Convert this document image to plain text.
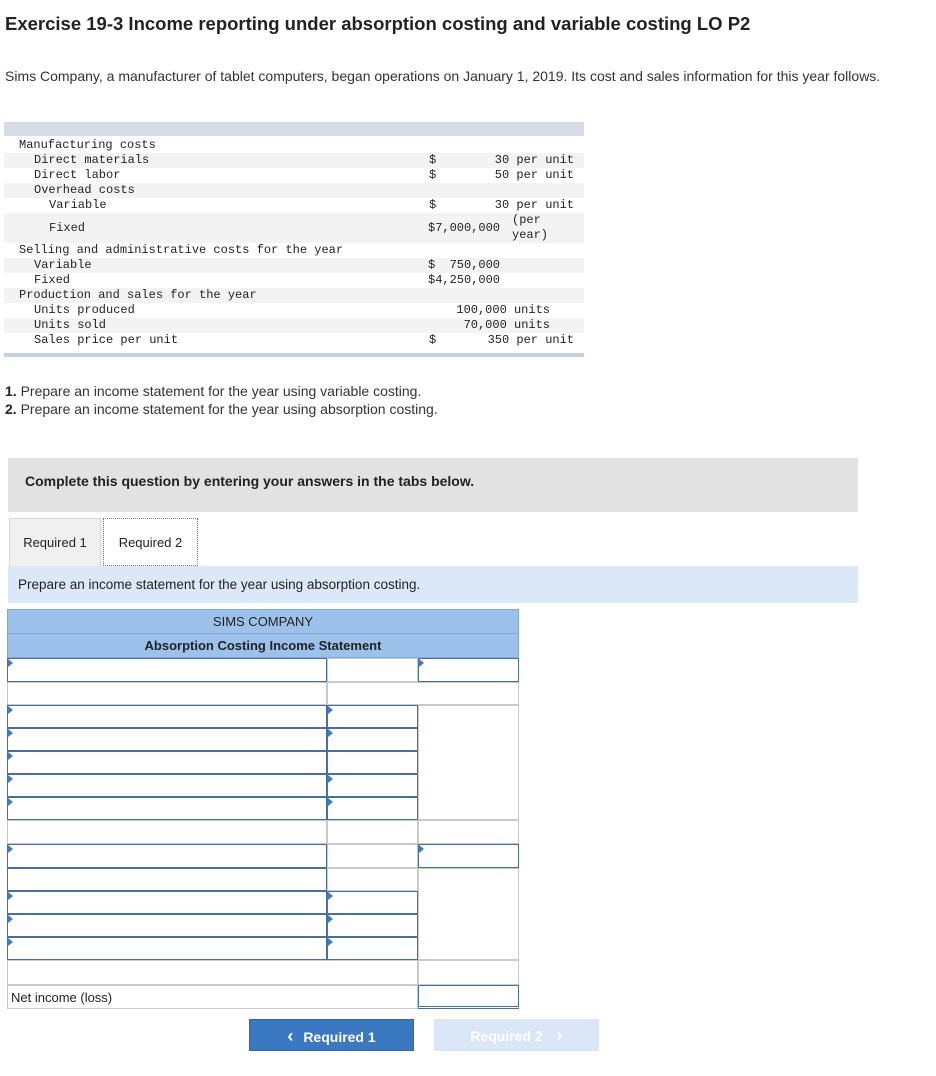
Exercise 19-3 Income reporting under absorption costing and variable costing LO P2
Sims Company, a manufacturer of tablet computers, began operations on January 1, 2019. Its cost and sales information for this year follows.
Manufacturing costs
Direct materials	$	30 per unit
Direct labor	$	50 per unit
Overhead costs
Variable	$	30 per unit
Fixed	$7,000,000
(per
year)
Selling and administrative costs for the year
Variable	$  750,000
Fixed	$4,250,000
Production and sales for the year
Units produced	100,000 units
Units sold	70,000 units
Sales price per unit	$	350 per unit
1. Prepare an income statement for the year using variable costing.
2. Prepare an income statement for the year using absorption costing.
Complete this question by entering your answers in the tabs below.
Required 1	Required 2
Prepare an income statement for the year using absorption costing.
SIMS COMPANY
Absorption Costing Income Statement
Net income (loss)
‹ Required 1	Required 2 ›
